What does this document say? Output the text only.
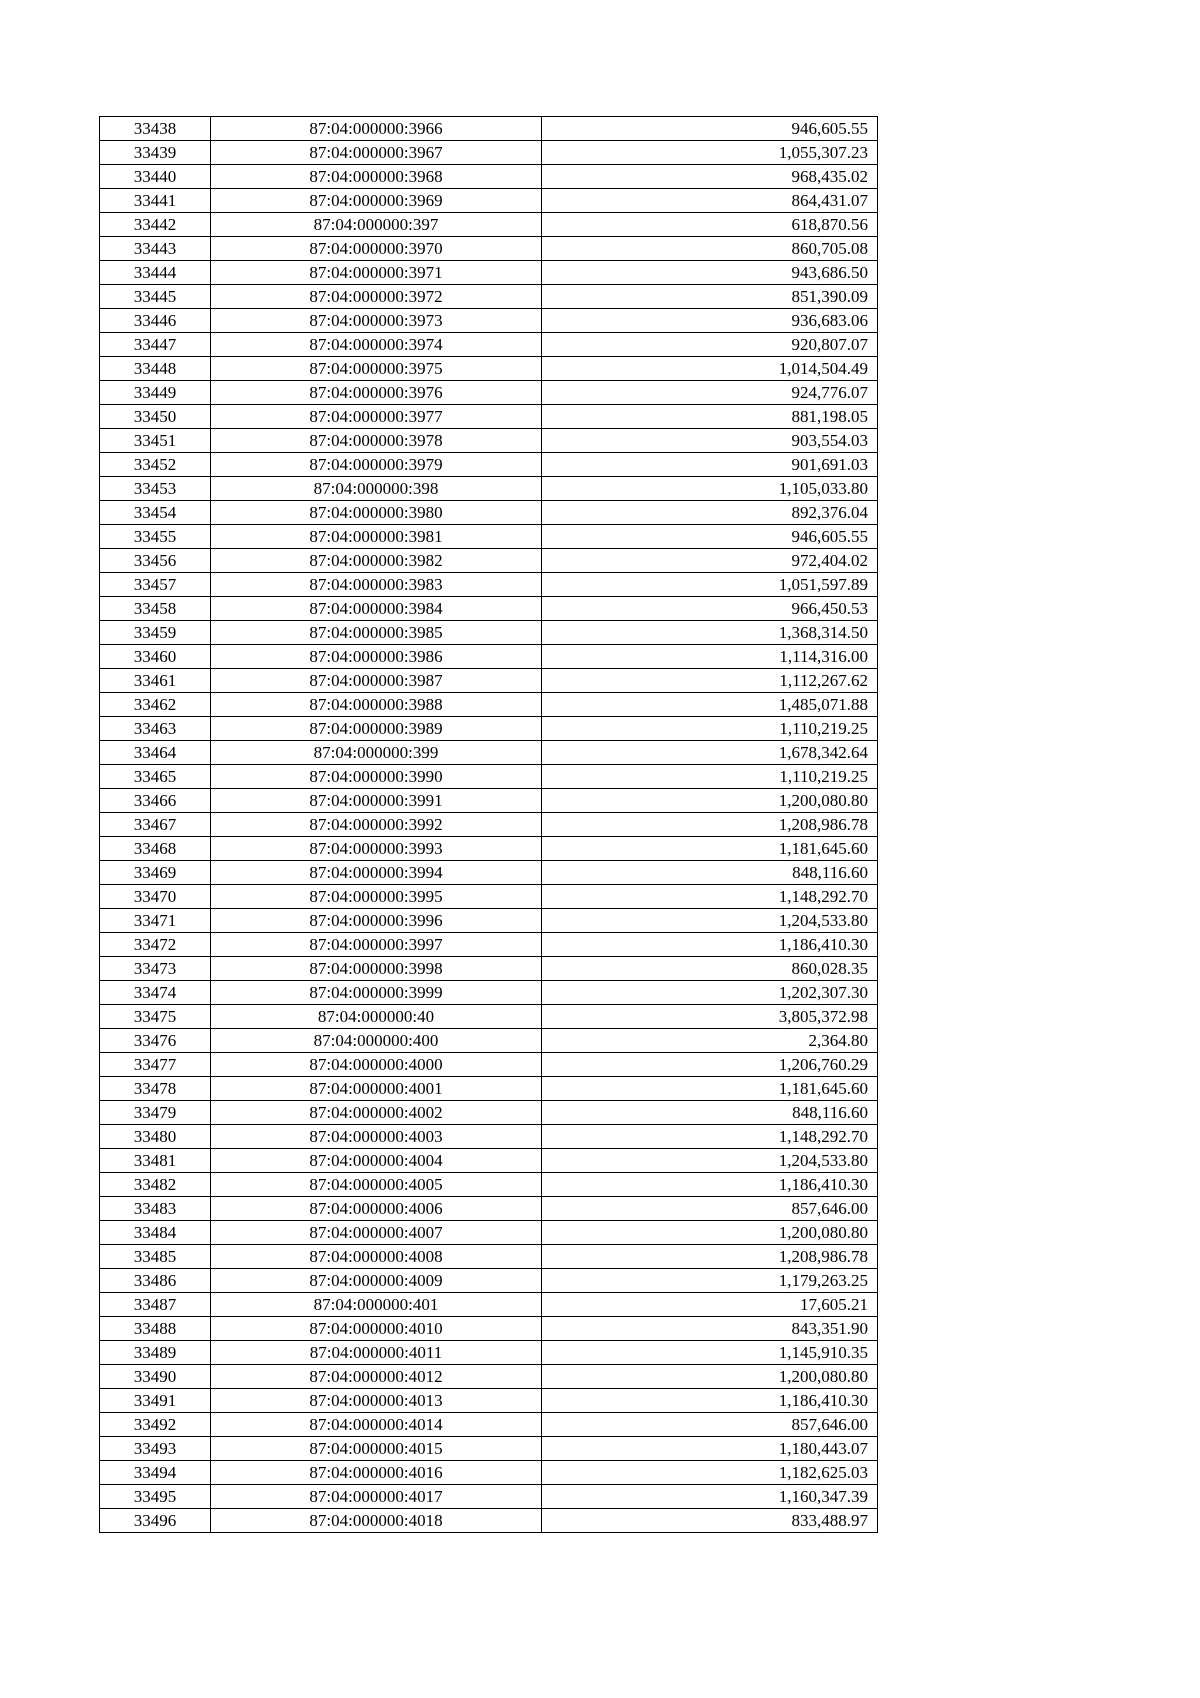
33438	87:04:000000:3966	946,605.55
33439	87:04:000000:3967	1,055,307.23
33440	87:04:000000:3968	968,435.02
33441	87:04:000000:3969	864,431.07
33442	87:04:000000:397	618,870.56
33443	87:04:000000:3970	860,705.08
33444	87:04:000000:3971	943,686.50
33445	87:04:000000:3972	851,390.09
33446	87:04:000000:3973	936,683.06
33447	87:04:000000:3974	920,807.07
33448	87:04:000000:3975	1,014,504.49
33449	87:04:000000:3976	924,776.07
33450	87:04:000000:3977	881,198.05
33451	87:04:000000:3978	903,554.03
33452	87:04:000000:3979	901,691.03
33453	87:04:000000:398	1,105,033.80
33454	87:04:000000:3980	892,376.04
33455	87:04:000000:3981	946,605.55
33456	87:04:000000:3982	972,404.02
33457	87:04:000000:3983	1,051,597.89
33458	87:04:000000:3984	966,450.53
33459	87:04:000000:3985	1,368,314.50
33460	87:04:000000:3986	1,114,316.00
33461	87:04:000000:3987	1,112,267.62
33462	87:04:000000:3988	1,485,071.88
33463	87:04:000000:3989	1,110,219.25
33464	87:04:000000:399	1,678,342.64
33465	87:04:000000:3990	1,110,219.25
33466	87:04:000000:3991	1,200,080.80
33467	87:04:000000:3992	1,208,986.78
33468	87:04:000000:3993	1,181,645.60
33469	87:04:000000:3994	848,116.60
33470	87:04:000000:3995	1,148,292.70
33471	87:04:000000:3996	1,204,533.80
33472	87:04:000000:3997	1,186,410.30
33473	87:04:000000:3998	860,028.35
33474	87:04:000000:3999	1,202,307.30
33475	87:04:000000:40	3,805,372.98
33476	87:04:000000:400	2,364.80
33477	87:04:000000:4000	1,206,760.29
33478	87:04:000000:4001	1,181,645.60
33479	87:04:000000:4002	848,116.60
33480	87:04:000000:4003	1,148,292.70
33481	87:04:000000:4004	1,204,533.80
33482	87:04:000000:4005	1,186,410.30
33483	87:04:000000:4006	857,646.00
33484	87:04:000000:4007	1,200,080.80
33485	87:04:000000:4008	1,208,986.78
33486	87:04:000000:4009	1,179,263.25
33487	87:04:000000:401	17,605.21
33488	87:04:000000:4010	843,351.90
33489	87:04:000000:4011	1,145,910.35
33490	87:04:000000:4012	1,200,080.80
33491	87:04:000000:4013	1,186,410.30
33492	87:04:000000:4014	857,646.00
33493	87:04:000000:4015	1,180,443.07
33494	87:04:000000:4016	1,182,625.03
33495	87:04:000000:4017	1,160,347.39
33496	87:04:000000:4018	833,488.97
